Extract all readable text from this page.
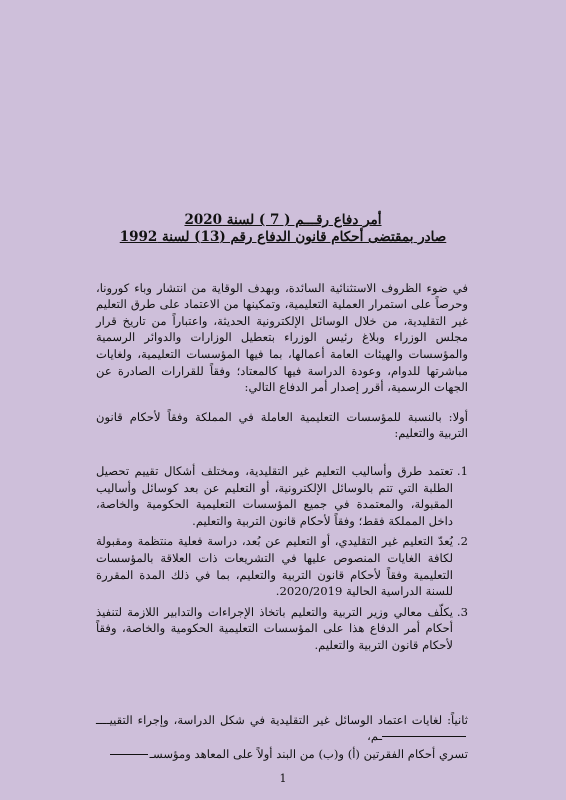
أمر دفاع رقـــم ( 7 ) لسنة 2020
صادر بمقتضى أحكام قانون الدفاع رقم (13) لسنة 1992

في ضوء الظروف الاستثنائية السائدة، وبهدف الوقاية من انتشار وباء كورونا، وحرصاً على استمرار العملية التعليمية، وتمكينها من الاعتماد على طرق التعليم غير التقليدية، من خلال الوسائل الإلكترونية الحديثة، واعتباراً من تاريخ قرار مجلس الوزراء وبلاغ رئيس الوزراء بتعطيل الوزارات والدوائر الرسمية والمؤسسات والهيئات العامة أعمالها، بما فيها المؤسسات التعليمية، ولغايات مباشرتها للدوام، وعودة الدراسة فيها كالمعتاد؛ وفقاً للقرارات الصادرة عن الجهات الرسمية، أقرر إصدار أمر الدفاع التالي:

أولا: بالنسبة للمؤسسات التعليمية العاملة في المملكة وفقاً لأحكام قانون التربية والتعليم:

1.
تعتمد طرق وأساليب التعليم غير التقليدية، ومختلف أشكال تقييم تحصيل الطلبة التي تتم بالوسائل الإلكترونية، أو التعليم عن بعد كوسائل وأساليب المقبولة، والمعتمدة في جميع المؤسسات التعليمية الحكومية والخاصة، داخل المملكة فقط؛ وفقاً لأحكام قانون التربية والتعليم.
2.
يُعدّ التعليم غير التقليدي، أو التعليم عن بُعد، دراسة فعلية منتظمة ومقبولة لكافة الغايات المنصوص عليها في التشريعات ذات العلاقة بالمؤسسات التعليمية وفقاً لأحكام قانون التربية والتعليم، بما في ذلك المدة المقررة للسنة الدراسية الحالية 2020/2019.
3.
يكلّف معالي وزير التربية والتعليم باتخاذ الإجراءات والتدابير اللازمة لتنفيذ أحكام أمر الدفاع هذا على المؤسسات التعليمية الحكومية والخاصة، وفقاً لأحكام قانون التربية والتعليم.

ثانياً: لغايات اعتماد الوسائل غير التقليدية في شكل الدراسة، وإجراء التقييـــــم،

تسري أحكام الفقرتين (أ) و(ب) من البند أولاً على المعاهد ومؤسسـ

1
